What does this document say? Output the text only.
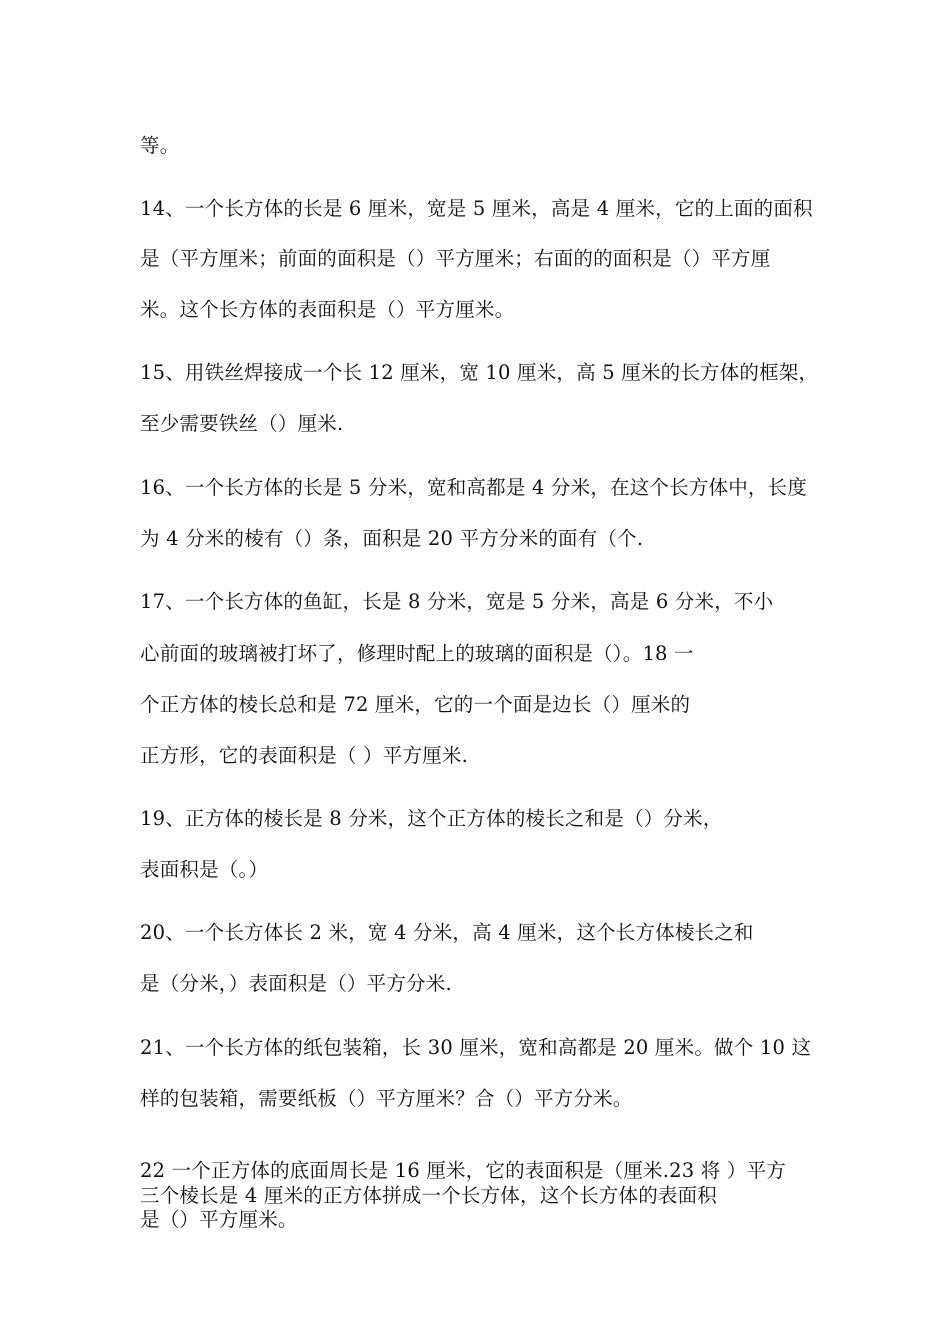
等。
14、一个长方体的长是 6 厘米，宽是 5 厘米，高是 4 厘米，它的上面的面积
是（平方厘米；前面的面积是（）平方厘米；右面的的面积是（）平方厘
米。这个长方体的表面积是（）平方厘米。
15、用铁丝焊接成一个长 12 厘米，宽 10 厘米，高 5 厘米的长方体的框架，
至少需要铁丝（）厘米.
16、一个长方体的长是 5 分米，宽和高都是 4 分米，在这个长方体中，长度
为 4 分米的棱有（）条，面积是 20 平方分米的面有（个.
17、一个长方体的鱼缸，长是 8 分米，宽是 5 分米，高是 6 分米，不小
心前面的玻璃被打坏了，修理时配上的玻璃的面积是（）。18 一
个正方体的棱长总和是 72 厘米，它的一个面是边长（）厘米的
正方形，它的表面积是（ ）平方厘米.
19、正方体的棱长是 8 分米，这个正方体的棱长之和是（）分米，
表面积是（。）
20、一个长方体长 2 米，宽 4 分米，高 4 厘米，这个长方体棱长之和
是（分米，）表面积是（）平方分米.
21、一个长方体的纸包装箱，长 30 厘米，宽和高都是 20 厘米。做个 10 这
样的包装箱，需要纸板（）平方厘米？合（）平方分米。
22 一个正方体的底面周长是 16 厘米，它的表面积是（厘米.23 将 ）平方
三个棱长是 4 厘米的正方体拼成一个长方体，这个长方体的表面积
是（）平方厘米。
